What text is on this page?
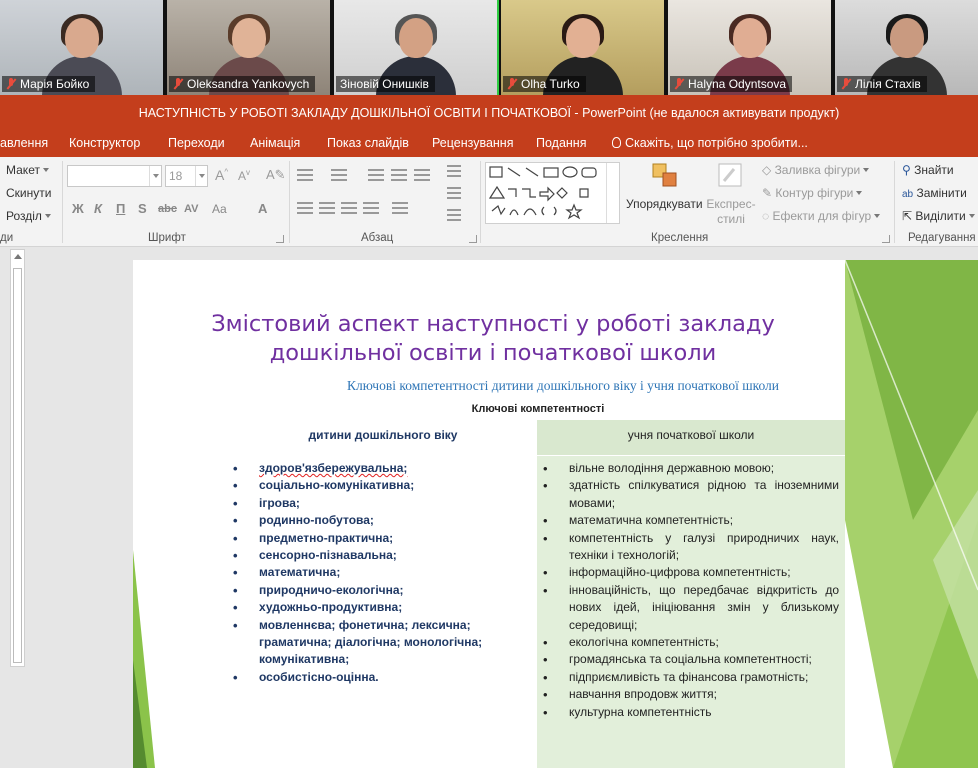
Марія Бойко	Oleksandra Yankovych	Зіновій Онишків	Olha Turko	Halyna Odyntsova	Лілія Стахів
НАСТУПНІСТЬ У РОБОТІ ЗАКЛАДУ ДОШКІЛЬНОЇ ОСВІТИ І ПОЧАТКОВОЇ - PowerPoint (не вдалося активувати продукт)
авлення Конструктор Переходи Анімація Показ слайдів Рецензування Подання	Скажіть, що потрібно зробити...
Макет
Скинути
Розділ
ди
18	A^ $A^v$ A✎
Ж К П S abc AV Aa A
Шрифт	Абзац
Упорядкувати Експрес-стилі
◇ Заливка фігури
✎ Контур фігури
◌ Ефекти для фігур
Креслення
⚲ Знайти
ab Замінити
⇱ Виділити
Редагування
Змістовий аспект наступності у роботі закладу дошкільної освіти і початкової школи
Ключові компетентності дитини дошкільного віку і учня початкової школи
Ключові компетентності
дитини дошкільного віку	учня початкової школи
• здоров'язбережувальна;
• соціально-комунікативна;
• ігрова;
• родинно-побутова;
• предметно-практична;
• сенсорно-пізнавальна;
• математична;
• природничо-екологічна;
• художньо-продуктивна;
• мовленнєва; фонетична; лексична; граматична; діалогічна; монологічна; комунікативна;
• особистісно-оцінна.
• вільне володіння державною мовою;
• здатність спілкуватися рідною та іноземними мовами;
• математична компетентність;
• компетентність у галузі природничих наук, техніки і технологій;
• інформаційно-цифрова компетентність;
• інноваційність, що передбачає відкритість до нових ідей, ініціювання змін у близькому середовищі;
• екологічна компетентність;
• громадянська та соціальна компетентності;
• підприємливість та фінансова грамотність;
• навчання впродовж життя;
• культурна компетентність
